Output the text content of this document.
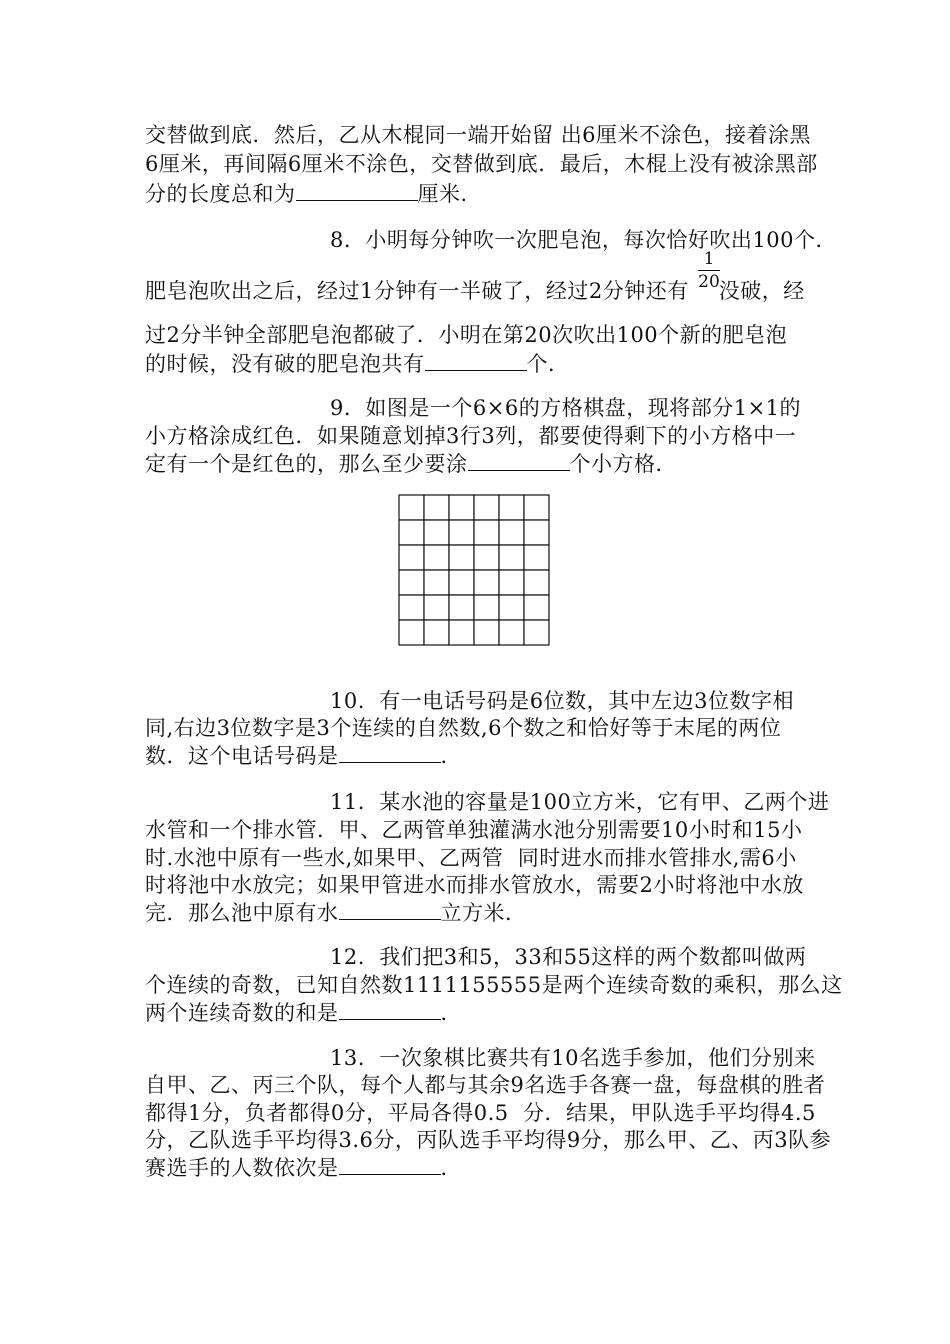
交替做到底．然后，乙从木棍同一端开始留 出6厘米不涂色，接着涂黑
6厘米，再间隔6厘米不涂色，交替做到底．最后，木棍上没有被涂黑部
分的长度总和为	厘米．
8.  小明每分钟吹一次肥皂泡，每次恰好吹出100个．
肥皂泡吹出之后，经过1分钟有一半破了，经过2分钟还有 没破，经
1
20
过2分半钟全部肥皂泡都破了．小明在第20次吹出100个新的肥皂泡
的时候，没有破的肥皂泡共有	个．
9.  如图是一个6×6的方格棋盘，现将部分1×1的
小方格涂成红色．如果随意划掉3行3列，都要使得剩下的小方格中一
定有一个是红色的，那么至少要涂	个小方格．
10.  有一电话号码是6位数，其中左边3位数字相
同,右边3位数字是3个连续的自然数,6个数之和恰好等于末尾的两位
数．这个电话号码是	．
11.  某水池的容量是100立方米，它有甲、乙两个进
水管和一个排水管．甲、乙两管单独灌满水池分别需要10小时和15小
时.水池中原有一些水,如果甲、乙两管  同时进水而排水管排水,需6小
时将池中水放完；如果甲管进水而排水管放水，需要2小时将池中水放
完．那么池中原有水	立方米．
12.  我们把3和5，33和55这样的两个数都叫做两
个连续的奇数，已知自然数1111155555是两个连续奇数的乘积，那么这
两个连续奇数的和是	．
13.  一次象棋比赛共有10名选手参加，他们分别来
自甲、乙、丙三个队，每个人都与其余9名选手各赛一盘，每盘棋的胜者
都得1分，负者都得0分，平局各得0.5  分．结果，甲队选手平均得4.5
分，乙队选手平均得3.6分，丙队选手平均得9分，那么甲、乙、丙3队参
赛选手的人数依次是	．
